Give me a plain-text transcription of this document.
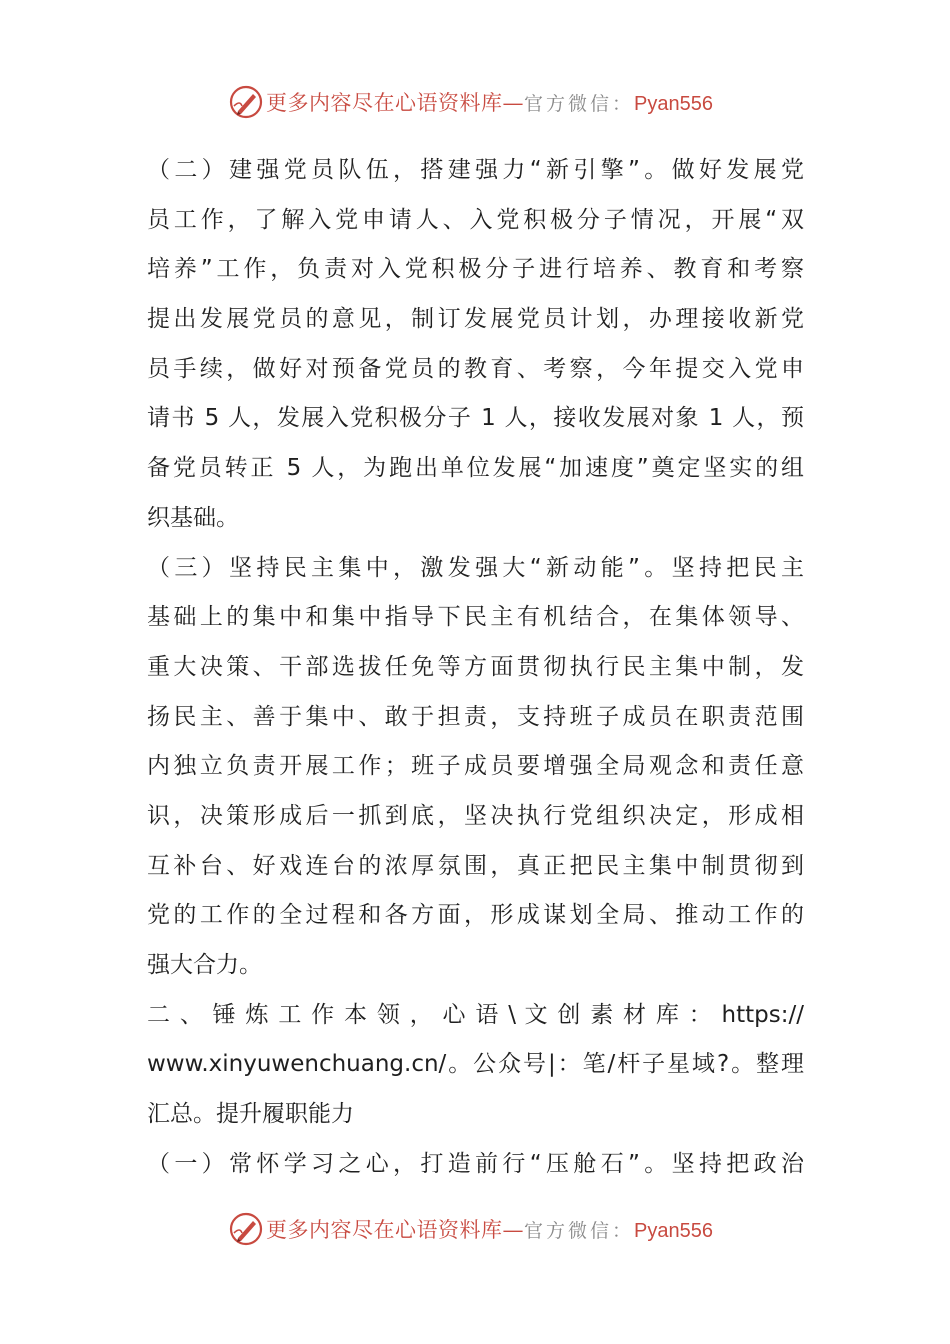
更多内容尽在心语资料库—官方微信：Pyan556
（二）建强党员队伍，搭建强力“新引擎”。做好发展党
员工作，了解入党申请人、入党积极分子情况，开展“双
培养”工作，负责对入党积极分子进行培养、教育和考察
提出发展党员的意见，制订发展党员计划，办理接收新党
员手续，做好对预备党员的教育、考察，今年提交入党申
请书 5 人，发展入党积极分子 1 人，接收发展对象 1 人，预
备党员转正 5 人，为跑出单位发展“加速度”奠定坚实的组
织基础。
（三）坚持民主集中，激发强大“新动能”。坚持把民主
基础上的集中和集中指导下民主有机结合，在集体领导、
重大决策、干部选拔任免等方面贯彻执行民主集中制，发
扬民主、善于集中、敢于担责，支持班子成员在职责范围
内独立负责开展工作；班子成员要增强全局观念和责任意
识，决策形成后一抓到底，坚决执行党组织决定，形成相
互补台、好戏连台的浓厚氛围，真正把民主集中制贯彻到
党的工作的全过程和各方面，形成谋划全局、推动工作的
强大合力。
二 、 锤 炼 工 作 本 领 ， 心 语 \ 文 创 素 材 库 ： https://
www.xinyuwenchuang.cn/。公众号|：笔/杆子星域?。整理
汇总。提升履职能力
（一）常怀学习之心，打造前行“压舱石”。坚持把政治
更多内容尽在心语资料库—官方微信：Pyan556
